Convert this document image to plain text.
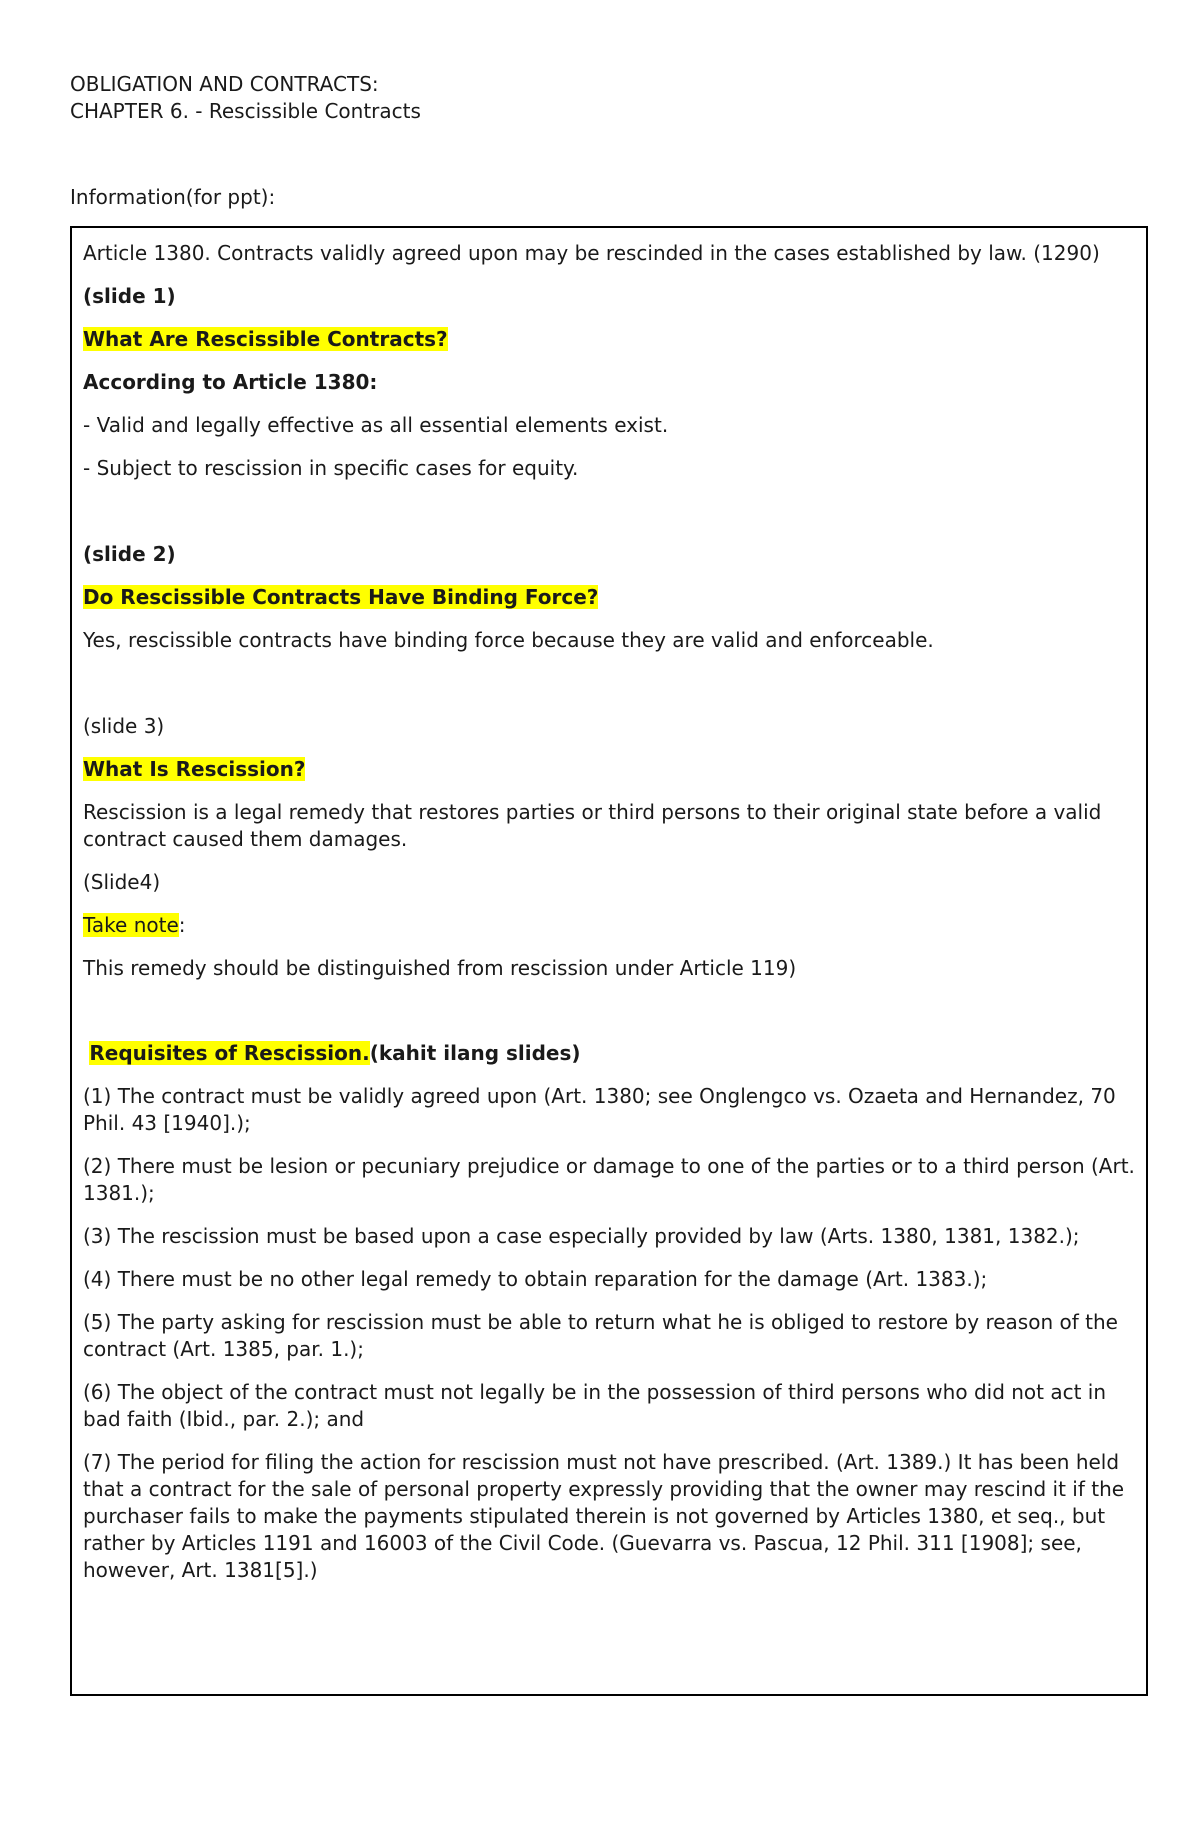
OBLIGATION AND CONTRACTS:

CHAPTER 6. - Rescissible Contracts

Information(for ppt):

Article 1380. Contracts validly agreed upon may be rescinded in the cases established by law. (1290)

(slide 1)

What Are Rescissible Contracts?

According to Article 1380:

- Valid and legally effective as all essential elements exist.

- Subject to rescission in specific cases for equity.

(slide 2)

Do Rescissible Contracts Have Binding Force?

Yes, rescissible contracts have binding force because they are valid and enforceable.

(slide 3)

What Is Rescission?

Rescission is a legal remedy that restores parties or third persons to their original state before a valid contract caused them damages.

(Slide4)

Take note:

This remedy should be distinguished from rescission under Article 119)

Requisites of Rescission.(kahit ilang slides)

(1) The contract must be validly agreed upon (Art. 1380; see Onglengco vs. Ozaeta and Hernandez, 70 Phil. 43 [1940].);

(2) There must be lesion or pecuniary prejudice or damage to one of the parties or to a third person (Art. 1381.);

(3) The rescission must be based upon a case especially provided by law (Arts. 1380, 1381, 1382.);

(4) There must be no other legal remedy to obtain reparation for the damage (Art. 1383.);

(5) The party asking for rescission must be able to return what he is obliged to restore by reason of the contract (Art. 1385, par. 1.);

(6) The object of the contract must not legally be in the possession of third persons who did not act in bad faith (Ibid., par. 2.); and

(7) The period for filing the action for rescission must not have prescribed. (Art. 1389.) It has been held that a contract for the sale of personal property expressly providing that the owner may rescind it if the purchaser fails to make the payments stipulated therein is not governed by Articles 1380, et seq., but rather by Articles 1191 and 16003 of the Civil Code. (Guevarra vs. Pascua, 12 Phil. 311 [1908]; see, however, Art. 1381[5].)
